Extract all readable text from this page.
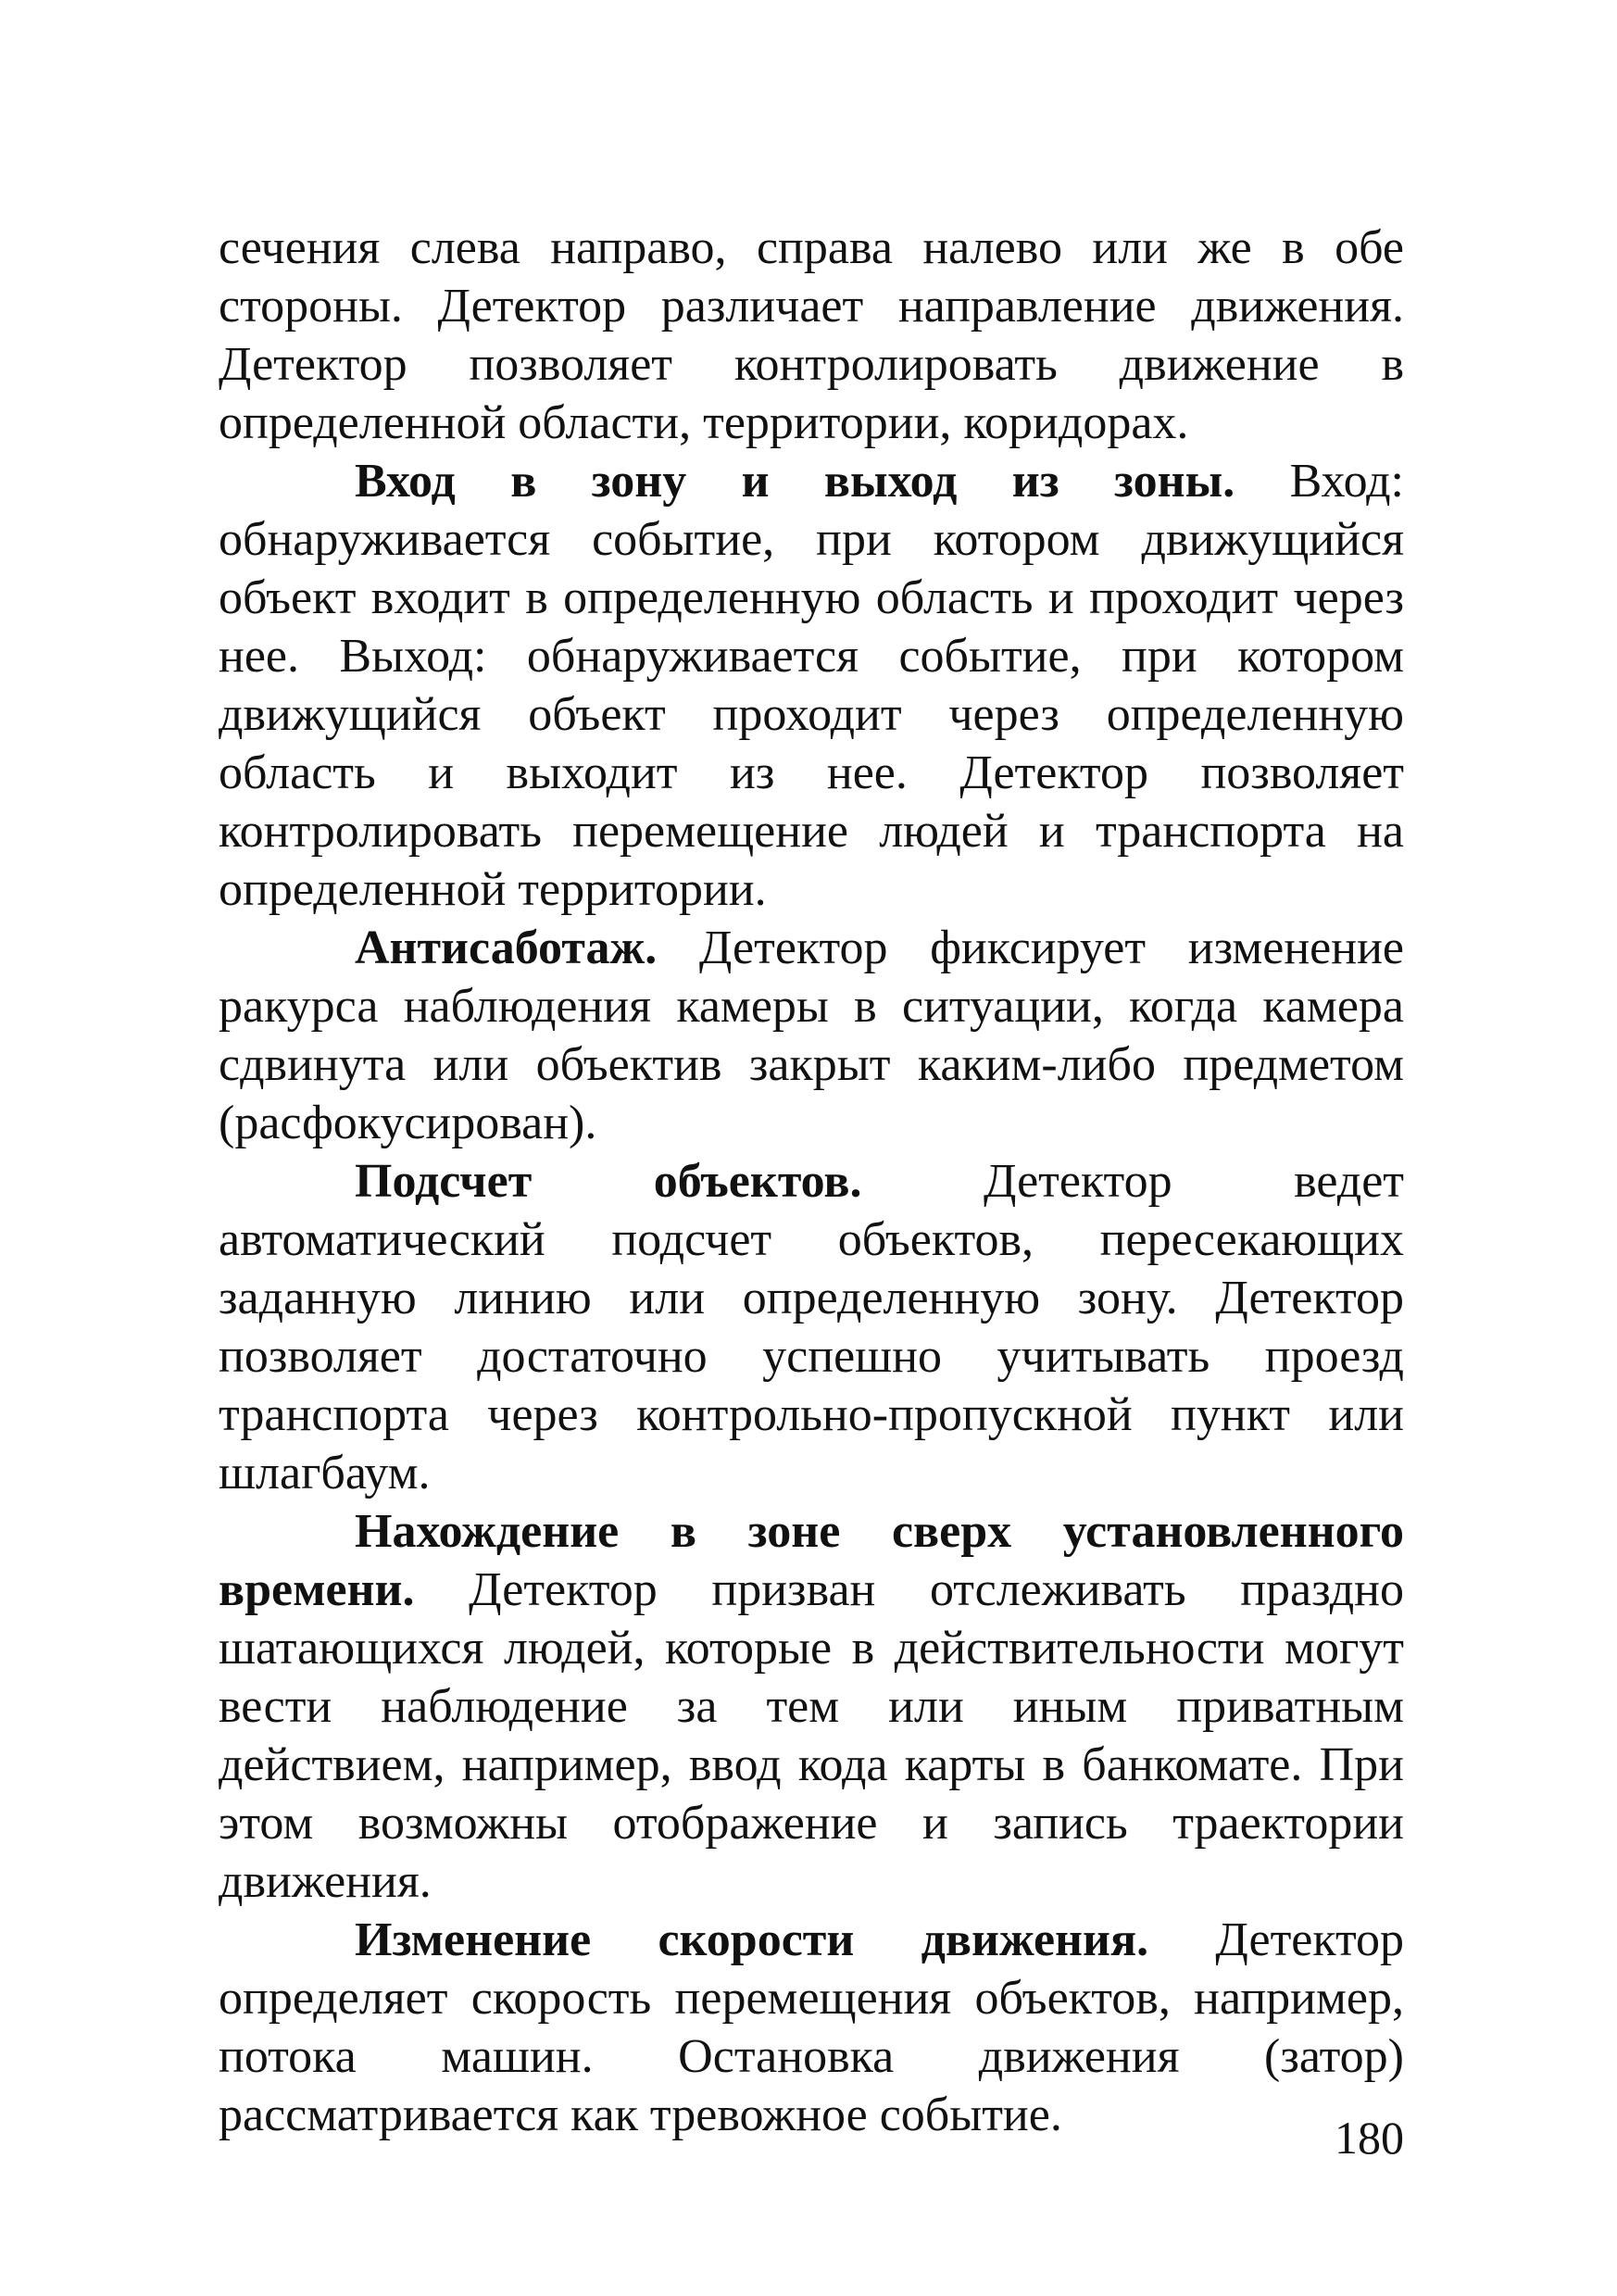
сечения слева направо, справа налево или же в обе стороны. Детектор различает направление движения. Детектор позволяет контролировать движение в определенной области, территории, коридорах.

Вход в зону и выход из зоны. Вход: обнаруживается событие, при котором движущийся объект входит в определенную область и проходит через нее. Выход: обнаруживается событие, при котором движущийся объект проходит через определенную область и выходит из нее. Детектор позволяет контролировать перемещение людей и транспорта на определенной территории.

Антисаботаж. Детектор фиксирует изменение ракурса наблюдения камеры в ситуации, когда камера сдвинута или объектив закрыт каким-либо предметом (расфокусирован).

Подсчет объектов. Детектор ведет автоматический подсчет объектов, пересекающих заданную линию или определенную зону. Детектор позволяет достаточно успешно учитывать проезд транспорта через контрольно-пропускной пункт или шлагбаум.

Нахождение в зоне сверх установленного времени. Детектор призван отслеживать праздно шатающихся людей, которые в действительности могут вести наблюдение за тем или иным приватным действием, например, ввод кода карты в банкомате. При этом возможны отображение и запись траектории движения.

Изменение скорости движения. Детектор определяет скорость перемещения объектов, например, потока машин. Остановка движения (затор) рассматривается как тревожное событие.	180
